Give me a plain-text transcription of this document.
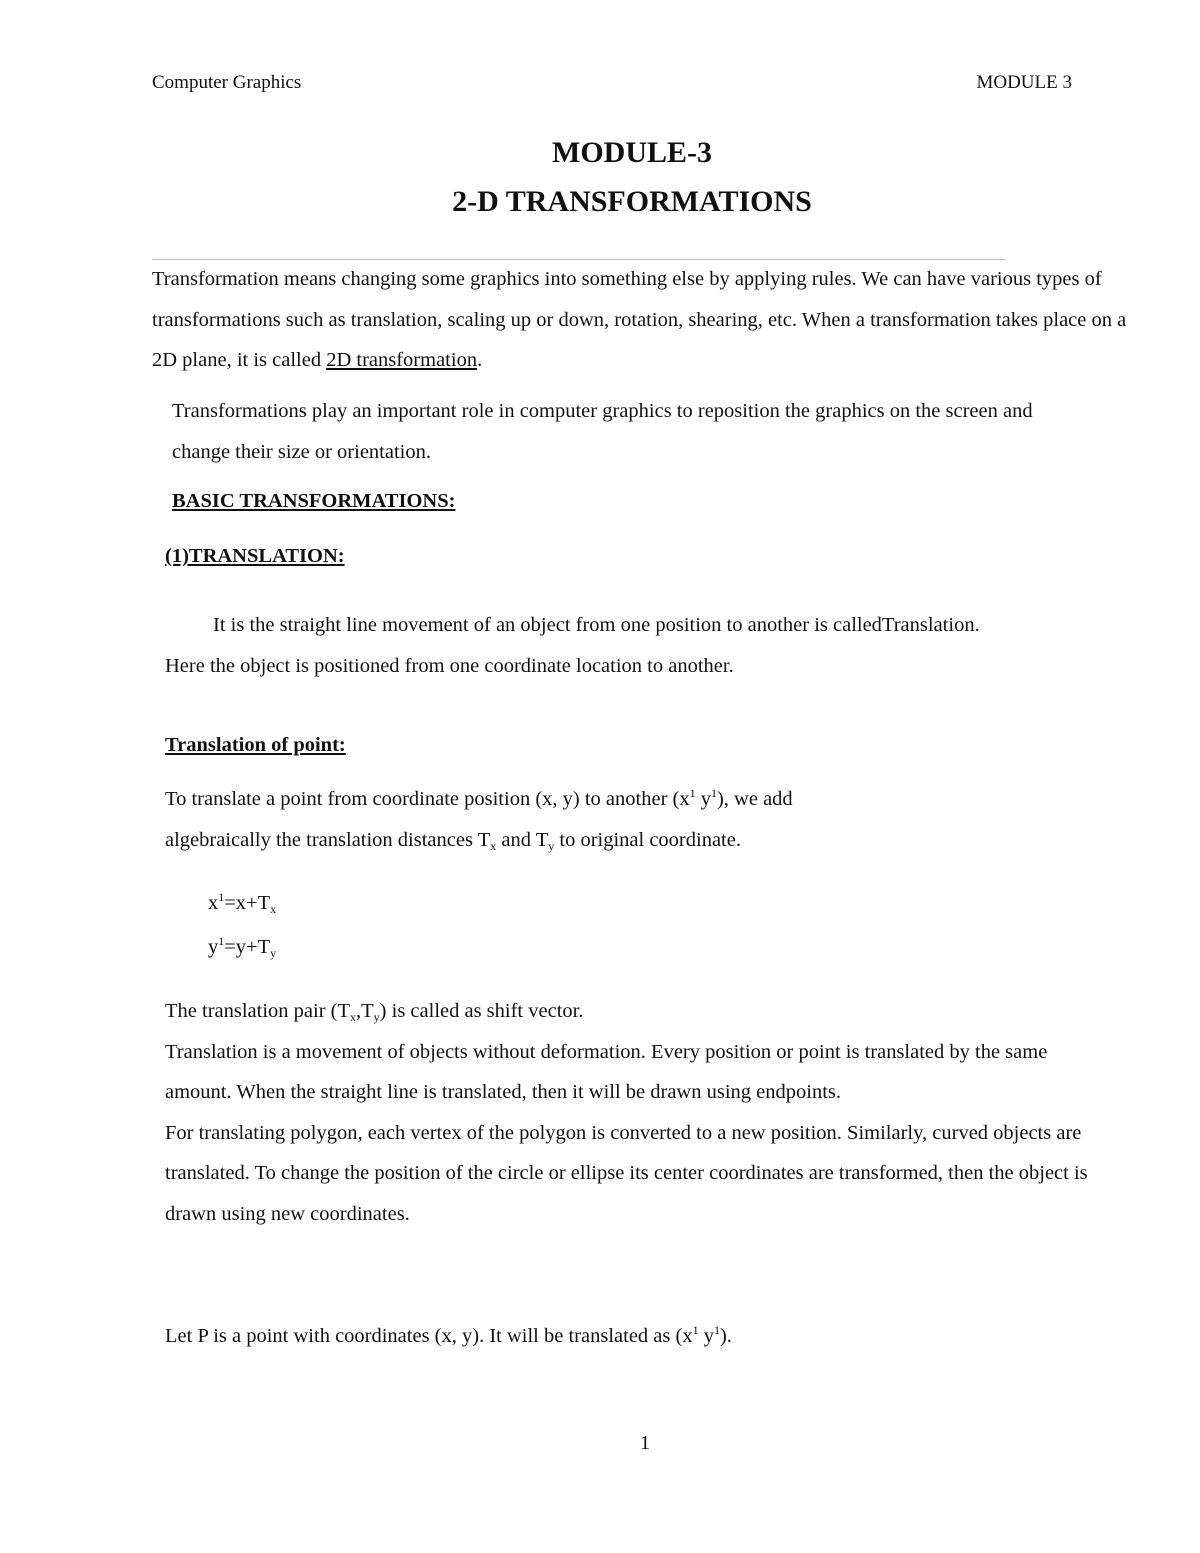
Computer Graphics	MODULE 3
MODULE-3
2-D TRANSFORMATIONS

Transformation means changing some graphics into something else by applying rules. We can have various types of transformations such as translation, scaling up or down, rotation, shearing, etc. When a transformation takes place on a 2D plane, it is called 2D transformation.

Transformations play an important role in computer graphics to reposition the graphics on the screen and change their size or orientation.

BASIC TRANSFORMATIONS:
(1)TRANSLATION:

It is the straight line movement of an object from one position to another is calledTranslation. Here the object is positioned from one coordinate location to another.

Translation of point:

To translate a point from coordinate position (x, y) to another ($x^1$ $y^1$), we add
algebraically the translation distances $T_x$ and $T_y$ to original coordinate.

$x^1=x+T_x$
$y^1=y+T_y$
The translation pair $(T_x,T_y)$ is called as shift vector.
Translation is a movement of objects without deformation. Every position or point is translated by the same amount. When the straight line is translated, then it will be drawn using endpoints.
For translating polygon, each vertex of the polygon is converted to a new position. Similarly, curved objects are translated. To change the position of the circle or ellipse its center coordinates are transformed, then the object is drawn using new coordinates.

Let P is a point with coordinates (x, y). It will be translated as ($x^1$ $y^1$).

1
